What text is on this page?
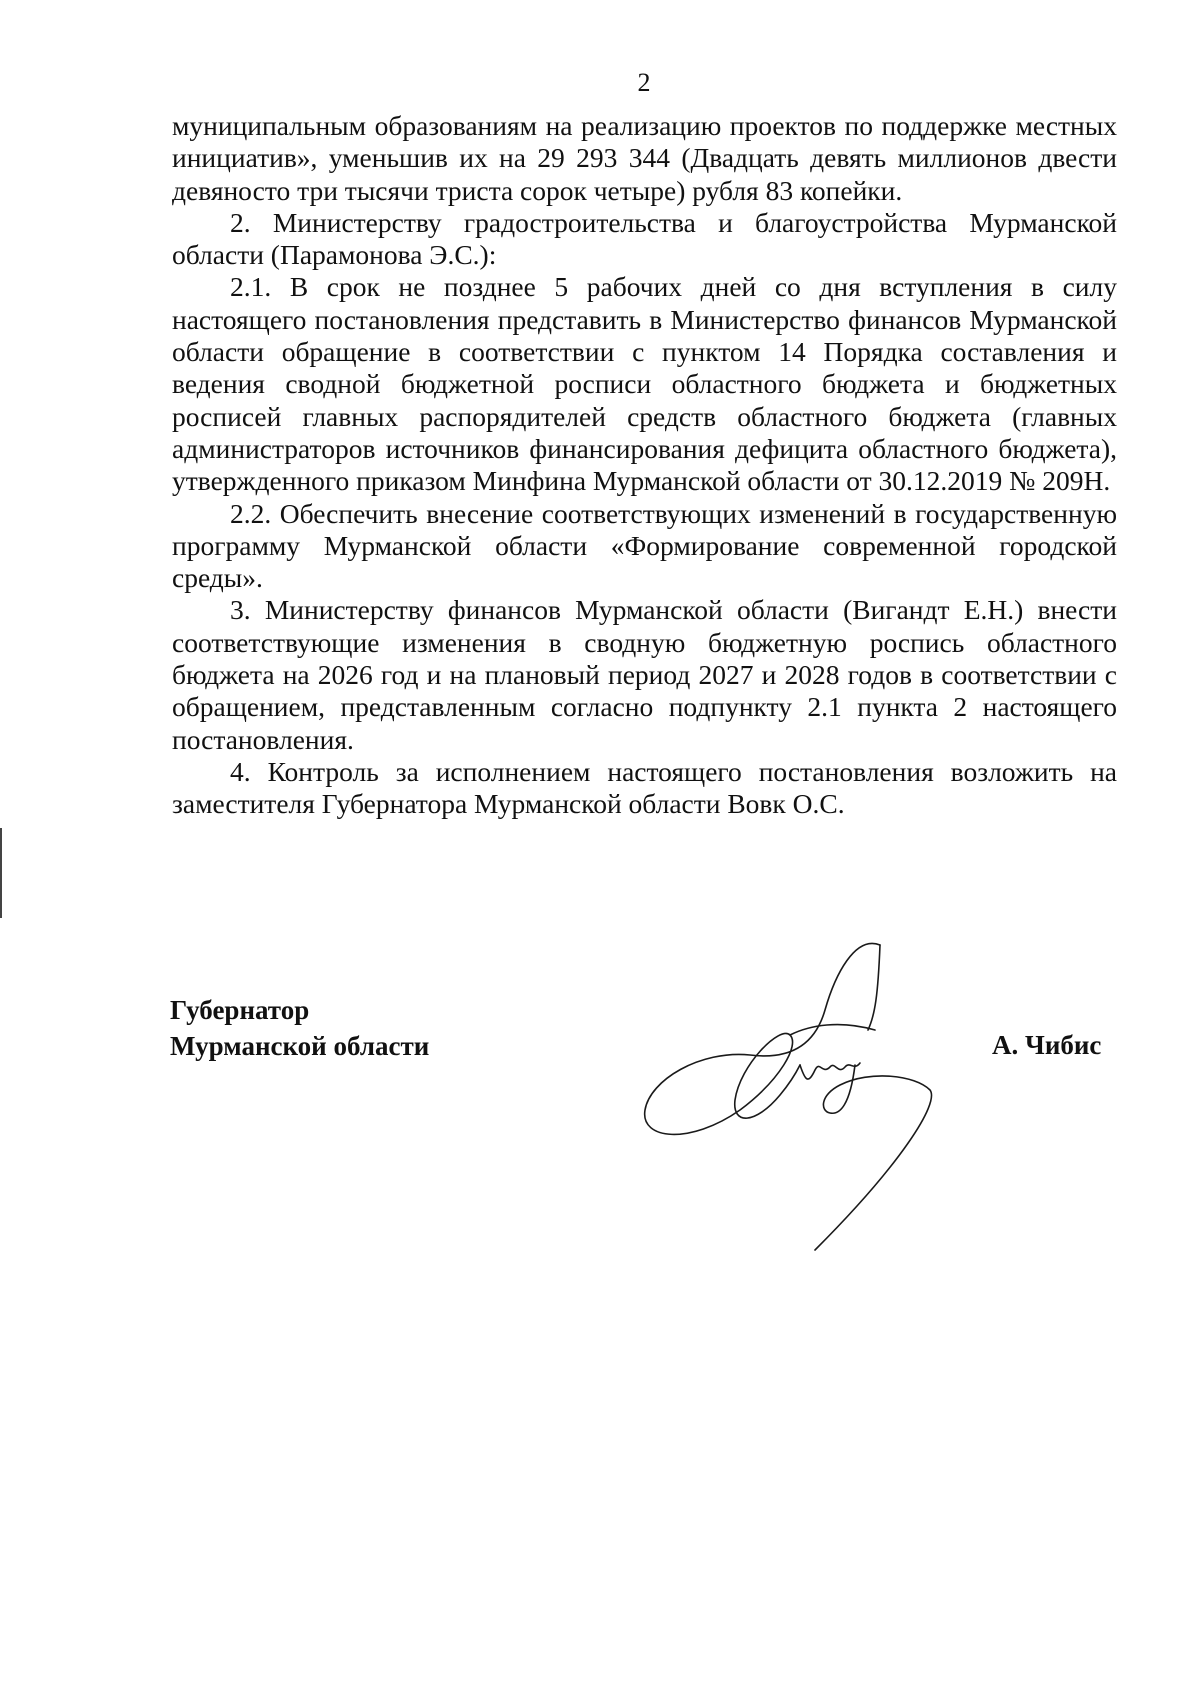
2

муниципальным образованиям на реализацию проектов по поддержке местных инициатив», уменьшив их на 29 293 344 (Двадцать девять миллионов двести девяносто три тысячи триста сорок четыре) рубля 83 копейки.

2. Министерству градостроительства и благоустройства Мурманской области (Парамонова Э.С.):

2.1. В срок не позднее 5 рабочих дней со дня вступления в силу настоящего постановления представить в Министерство финансов Мурманской области обращение в соответствии с пунктом 14 Порядка составления и ведения сводной бюджетной росписи областного бюджета и бюджетных росписей главных распорядителей средств областного бюджета (главных администраторов источников финансирования дефицита областного бюджета), утвержденного приказом Минфина Мурманской области от 30.12.2019 № 209Н.

2.2. Обеспечить внесение соответствующих изменений в государственную программу Мурманской области «Формирование современной городской среды».

3. Министерству финансов Мурманской области (Вигандт Е.Н.) внести соответствующие изменения в сводную бюджетную роспись областного бюджета на 2026 год и на плановый период 2027 и 2028 годов в соответствии с обращением, представленным согласно подпункту 2.1 пункта 2 настоящего постановления.

4. Контроль за исполнением настоящего постановления возложить на заместителя Губернатора Мурманской области Вовк О.С.

Губернатор
Мурманской области	А. Чибис
